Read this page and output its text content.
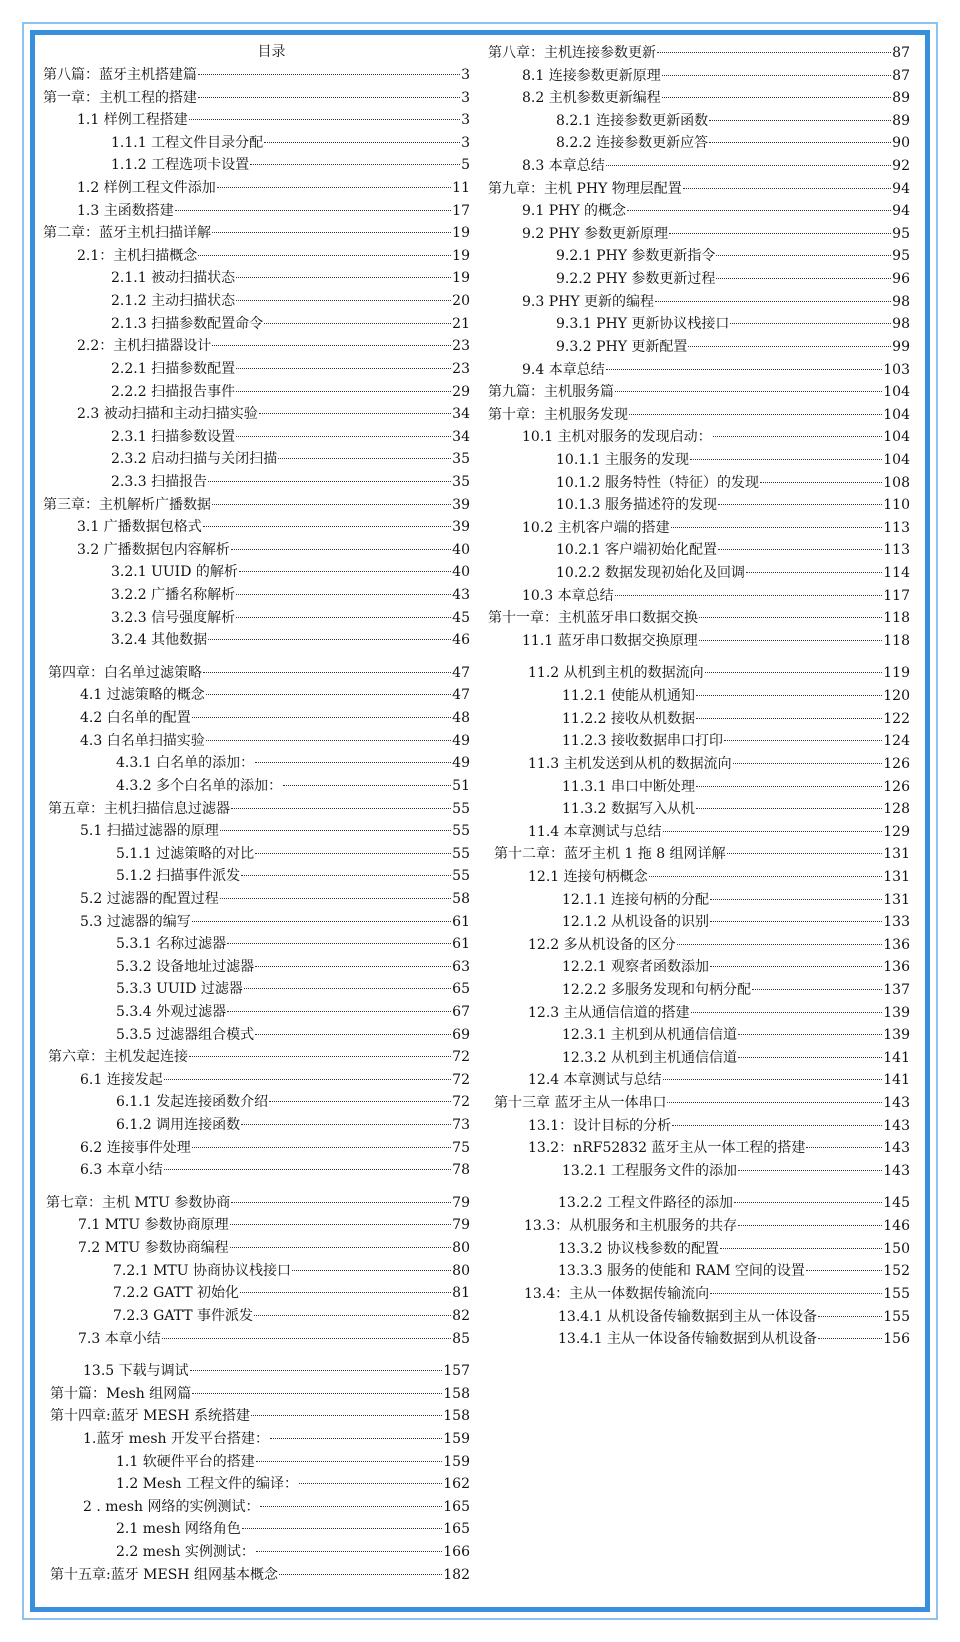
目录
第八篇：蓝牙主机搭建篇	3
第一章：主机工程的搭建	3
1.1 样例工程搭建	3
1.1.1 工程文件目录分配	3
1.1.2 工程选项卡设置	5
1.2 样例工程文件添加	11
1.3 主函数搭建	17
第二章：蓝牙主机扫描详解	19
2.1：主机扫描概念	19
2.1.1 被动扫描状态	19
2.1.2 主动扫描状态	20
2.1.3 扫描参数配置命令	21
2.2：主机扫描器设计	23
2.2.1 扫描参数配置	23
2.2.2 扫描报告事件	29
2.3 被动扫描和主动扫描实验	34
2.3.1 扫描参数设置	34
2.3.2 启动扫描与关闭扫描	35
2.3.3 扫描报告	35
第三章：主机解析广播数据	39
3.1 广播数据包格式	39
3.2 广播数据包内容解析	40
3.2.1 UUID 的解析	40
3.2.2 广播名称解析	43
3.2.3 信号强度解析	45
3.2.4 其他数据	46
第四章：白名单过滤策略	47
4.1 过滤策略的概念	47
4.2 白名单的配置	48
4.3 白名单扫描实验	49
4.3.1 白名单的添加：	49
4.3.2 多个白名单的添加：	51
第五章：主机扫描信息过滤器	55
5.1 扫描过滤器的原理	55
5.1.1 过滤策略的对比	55
5.1.2 扫描事件派发	55
5.2 过滤器的配置过程	58
5.3 过滤器的编写	61
5.3.1 名称过滤器	61
5.3.2 设备地址过滤器	63
5.3.3 UUID 过滤器	65
5.3.4 外观过滤器	67
5.3.5 过滤器组合模式	69
第六章：主机发起连接	72
6.1 连接发起	72
6.1.1 发起连接函数介绍	72
6.1.2 调用连接函数	73
6.2 连接事件处理	75
6.3 本章小结	78
第七章：主机 MTU 参数协商	79
7.1 MTU 参数协商原理	79
7.2 MTU 参数协商编程	80
7.2.1 MTU 协商协议栈接口	80
7.2.2 GATT 初始化	81
7.2.3 GATT 事件派发	82
7.3 本章小结	85
13.5 下载与调试	157
第十篇：Mesh 组网篇	158
第十四章:蓝牙 MESH 系统搭建	158
1.蓝牙 mesh 开发平台搭建：	159
1.1 软硬件平台的搭建	159
1.2 Mesh 工程文件的编译：	162
2 . mesh 网络的实例测试：	165
2.1 mesh 网络角色	165
2.2 mesh 实例测试：	166
第十五章:蓝牙 MESH 组网基本概念	182
第八章：主机连接参数更新	87
8.1 连接参数更新原理	87
8.2 主机参数更新编程	89
8.2.1 连接参数更新函数	89
8.2.2 连接参数更新应答	90
8.3 本章总结	92
第九章：主机 PHY 物理层配置	94
9.1 PHY 的概念	94
9.2 PHY 参数更新原理	95
9.2.1 PHY 参数更新指令	95
9.2.2 PHY 参数更新过程	96
9.3 PHY 更新的编程	98
9.3.1 PHY 更新协议栈接口	98
9.3.2 PHY 更新配置	99
9.4 本章总结	103
第九篇：主机服务篇	104
第十章：主机服务发现	104
10.1 主机对服务的发现启动：	104
10.1.1 主服务的发现	104
10.1.2 服务特性（特征）的发现	108
10.1.3 服务描述符的发现	110
10.2 主机客户端的搭建	113
10.2.1 客户端初始化配置	113
10.2.2 数据发现初始化及回调	114
10.3 本章总结	117
第十一章：主机蓝牙串口数据交换	118
11.1 蓝牙串口数据交换原理	118
11.2 从机到主机的数据流向	119
11.2.1 使能从机通知	120
11.2.2 接收从机数据	122
11.2.3 接收数据串口打印	124
11.3 主机发送到从机的数据流向	126
11.3.1 串口中断处理	126
11.3.2 数据写入从机	128
11.4 本章测试与总结	129
第十二章：蓝牙主机 1 拖 8 组网详解	131
12.1 连接句柄概念	131
12.1.1 连接句柄的分配	131
12.1.2 从机设备的识别	133
12.2 多从机设备的区分	136
12.2.1 观察者函数添加	136
12.2.2 多服务发现和句柄分配	137
12.3 主从通信信道的搭建	139
12.3.1 主机到从机通信信道	139
12.3.2 从机到主机通信信道	141
12.4 本章测试与总结	141
第十三章 蓝牙主从一体串口	143
13.1：设计目标的分析	143
13.2：nRF52832 蓝牙主从一体工程的搭建	143
13.2.1 工程服务文件的添加	143
13.2.2 工程文件路径的添加	145
13.3：从机服务和主机服务的共存	146
13.3.2 协议栈参数的配置	150
13.3.3 服务的使能和 RAM 空间的设置	152
13.4：主从一体数据传输流向	155
13.4.1 从机设备传输数据到主从一体设备	155
13.4.1 主从一体设备传输数据到从机设备	156
